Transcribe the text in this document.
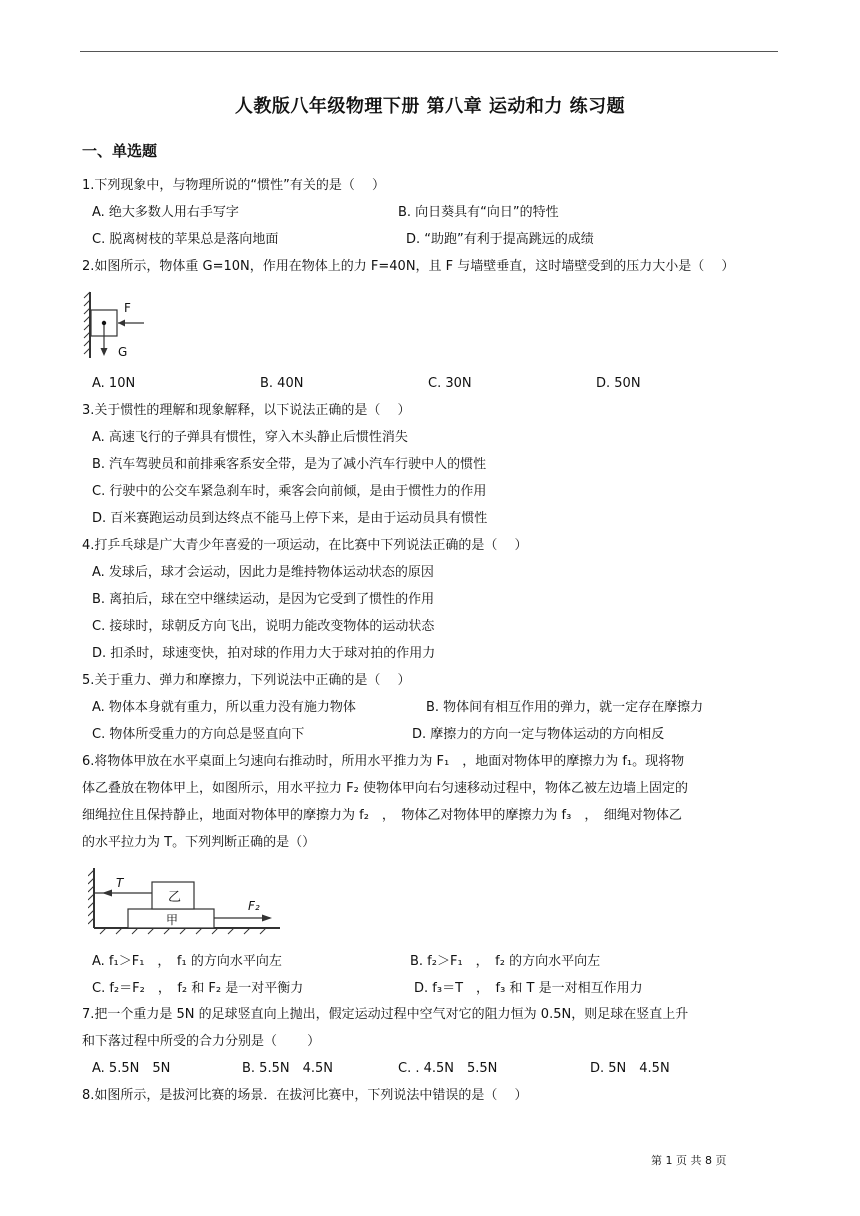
人教版八年级物理下册 第八章 运动和力 练习题
一、单选题
1.下列现象中，与物理所说的“惯性”有关的是（　 ）
A. 绝大多数人用右手写字	B. 向日葵具有“向日”的特性
C. 脱离树枝的苹果总是落向地面	D. “助跑”有利于提高跳远的成绩
2.如图所示，物体重 G=10N，作用在物体上的力 F=40N，且 F 与墙壁垂直，这时墙壁受到的压力大小是（　 ）
F
G
A. 10N	B. 40N	C. 30N	D. 50N
3.关于惯性的理解和现象解释，以下说法正确的是（　 ）
A. 高速飞行的子弹具有惯性，穿入木头静止后惯性消失
B. 汽车驾驶员和前排乘客系安全带，是为了减小汽车行驶中人的惯性
C. 行驶中的公交车紧急刹车时，乘客会向前倾，是由于惯性力的作用
D. 百米赛跑运动员到达终点不能马上停下来，是由于运动员具有惯性
4.打乒乓球是广大青少年喜爱的一项运动，在比赛中下列说法正确的是（　 ）
A. 发球后，球才会运动，因此力是维持物体运动状态的原因
B. 离拍后，球在空中继续运动，是因为它受到了惯性的作用
C. 接球时，球朝反方向飞出，说明力能改变物体的运动状态
D. 扣杀时，球速变快，拍对球的作用力大于球对拍的作用力
5.关于重力、弹力和摩擦力，下列说法中正确的是（　 ）
A. 物体本身就有重力，所以重力没有施力物体	B. 物体间有相互作用的弹力，就一定存在摩擦力
C. 物体所受重力的方向总是竖直向下	D. 摩擦力的方向一定与物体运动的方向相反
6.将物体甲放在水平桌面上匀速向右推动时，所用水平推力为 F₁　，地面对物体甲的摩擦力为 f₁。现将物
体乙叠放在物体甲上，如图所示，用水平拉力 F₂ 使物体甲向右匀速移动过程中，物体乙被左边墙上固定的
细绳拉住且保持静止，地面对物体甲的摩擦力为 f₂　，　物体乙对物体甲的摩擦力为 f₃　，　细绳对物体乙
的水平拉力为 T。下列判断正确的是（）
T
乙
甲
F₂
A. f₁＞F₁　，　f₁ 的方向水平向左	B. f₂＞F₁　，　f₂ 的方向水平向左
C. f₂＝F₂　，　f₂ 和 F₂ 是一对平衡力	D. f₃＝T　，　f₃ 和 T 是一对相互作用力
7.把一个重力是 5N 的足球竖直向上抛出，假定运动过程中空气对它的阻力恒为 0.5N，则足球在竖直上升
和下落过程中所受的合力分别是（　　 ）
A. 5.5N　5N	B. 5.5N　4.5N	C. . 4.5N　5.5N	D. 5N　4.5N
8.如图所示，是拔河比赛的场景．在拔河比赛中，下列说法中错误的是（　 ）
第 1 页 共 8 页
